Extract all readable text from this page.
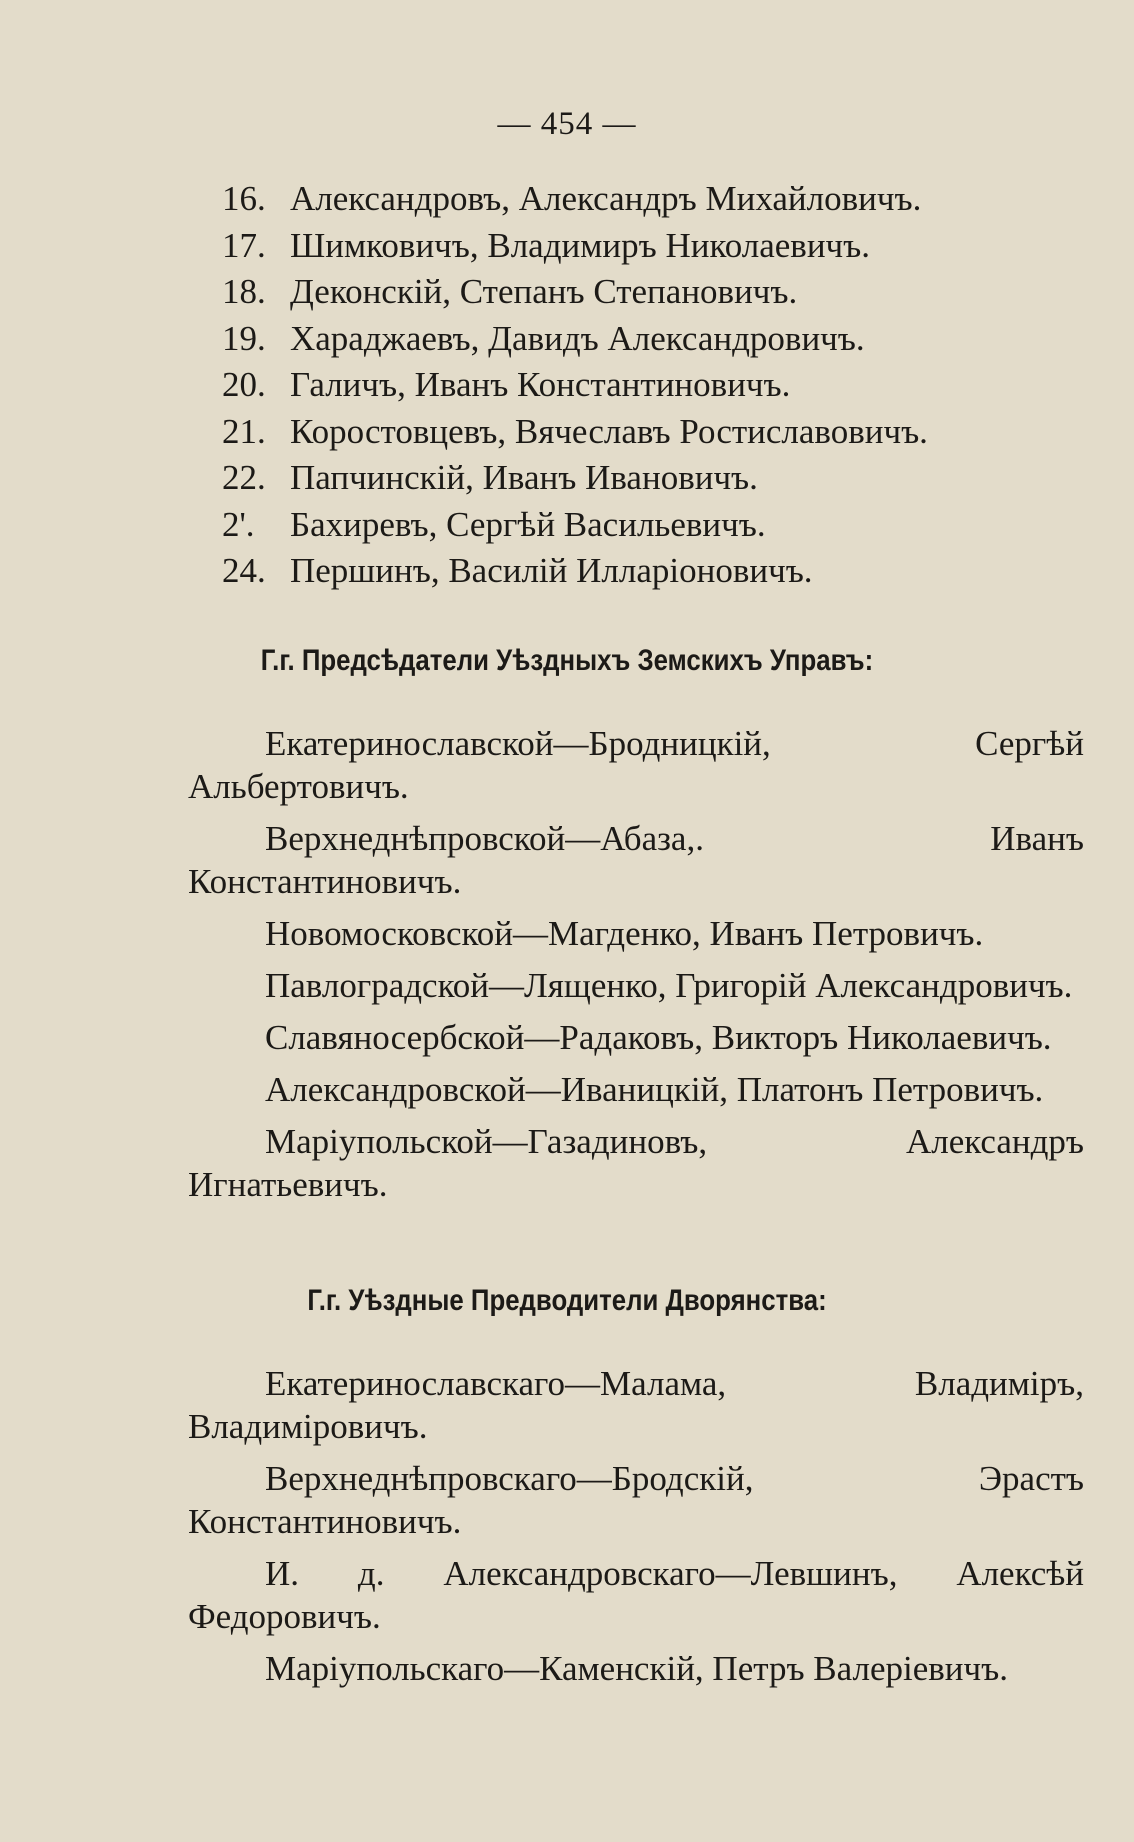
— 454 —
16. Александровъ, Александръ Михайловичъ.
17. Шимковичъ, Владимиръ Николаевичъ.
18. Деконскій, Степанъ Степановичъ.
19. Хараджаевъ, Давидъ Александровичъ.
20. Галичъ, Иванъ Константиновичъ.
21. Коростовцевъ, Вячеславъ Ростиславовичъ.
22. Папчинскій, Иванъ Ивановичъ.
2'. Бахиревъ, Сергѣй Васильевичъ.
24. Першинъ, Василій Илларіоновичъ.
Г.г. Предсѣдатели Уѣздныхъ Земскихъ Управъ:

Екатеринославской—Бродницкій, Сергѣй Альбертовичъ.

Верхнеднѣпровской—Абаза,. Иванъ Константиновичъ.

Новомосковской—Магденко, Иванъ Петровичъ.

Павлоградской—Лященко, Григорій Александровичъ.

Славяносербской—Радаковъ, Викторъ Николаевичъ.

Александровской—Иваницкій, Платонъ Петровичъ.

Маріупольской—Газадиновъ, Александръ Игнатьевичъ.

Г.г. Уѣздные Предводители Дворянства:

Екатеринославскаго—Малама, Владиміръ, Владиміровичъ.

Верхнеднѣпровскаго—Бродскій, Эрастъ Константиновичъ.

И. д. Александровскаго—Левшинъ, Алексѣй Федоровичъ.

Маріупольскаго—Каменскій, Петръ Валеріевичъ.
